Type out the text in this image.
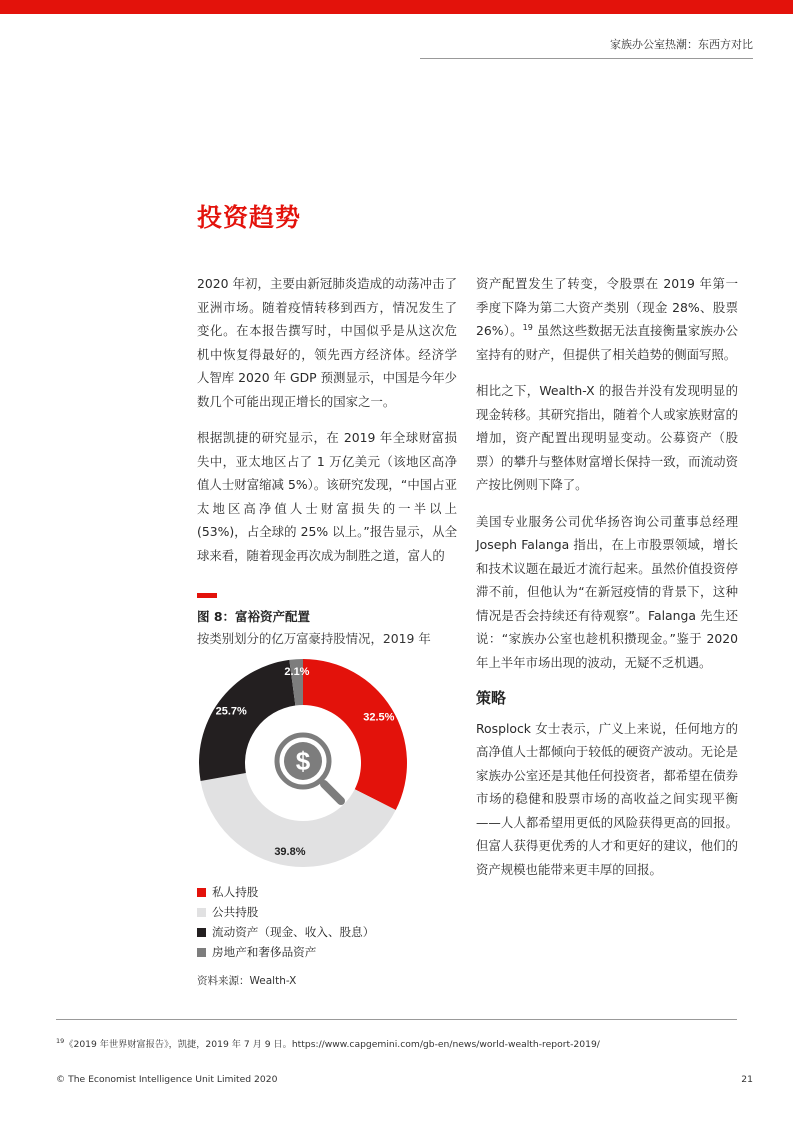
家族办公室热潮：东西方对比
投资趋势

2020 年初，主要由新冠肺炎造成的动荡冲击了亚洲市场。随着疫情转移到西方，情况发生了变化。在本报告撰写时，中国似乎是从这次危机中恢复得最好的，领先西方经济体。经济学人智库 2020 年 GDP 预测显示，中国是今年少数几个可能出现正增长的国家之一。

根据凯捷的研究显示，在 2019 年全球财富损失中，亚太地区占了 1 万亿美元（该地区高净值人士财富缩减 5%）。该研究发现，“中国占亚太地区高净值人士财富损失的一半以上 (53%)，占全球的 25% 以上。”报告显示，从全球来看，随着现金再次成为制胜之道，富人的

资产配置发生了转变，令股票在 2019 年第一季度下降为第二大资产类别（现金 28%、股票 26%）。$^{19}$ 虽然这些数据无法直接衡量家族办公室持有的财产，但提供了相关趋势的侧面写照。

相比之下，Wealth-X 的报告并没有发现明显的现金转移。其研究指出，随着个人或家族财富的增加，资产配置出现明显变动。公募资产（股票）的攀升与整体财富增长保持一致，而流动资产按比例则下降了。

美国专业服务公司优华扬咨询公司董事总经理 Joseph Falanga 指出，在上市股票领域，增长和技术议题在最近才流行起来。虽然价值投资停滞不前，但他认为“在新冠疫情的背景下，这种情况是否会持续还有待观察”。Falanga 先生还说：“家族办公室也趁机积攒现金。”鉴于 2020 年上半年市场出现的波动，无疑不乏机遇。

策略

Rosplock 女士表示，广义上来说，任何地方的高净值人士都倾向于较低的硬资产波动。无论是家族办公室还是其他任何投资者，都希望在债券市场的稳健和股票市场的高收益之间实现平衡——人人都希望用更低的风险获得更高的回报。但富人获得更优秀的人才和更好的建议，他们的资产规模也能带来更丰厚的回报。

图 8：富裕资产配置
按类别划分的亿万富豪持股情况，2019 年
32.5%
39.8%
25.7%
2.1%
$
私人持股
公共持股
流动资产（现金、收入、股息）
房地产和奢侈品资产
资料来源：Wealth-X
$^{19}$《2019 年世界财富报告》，凯捷，2019 年 7 月 9 日。https://www.capgemini.com/gb-en/news/world-wealth-report-2019/
© The Economist Intelligence Unit Limited 2020	21
